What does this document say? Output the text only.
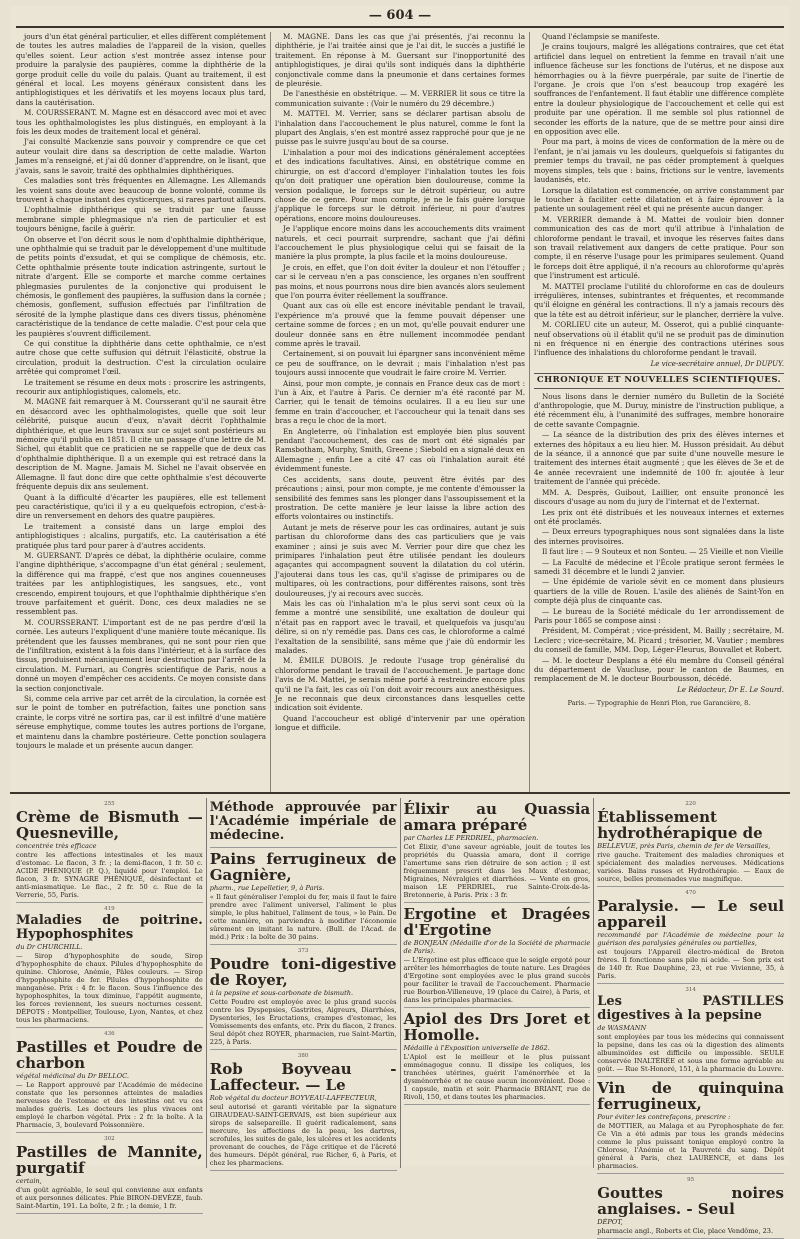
— 604 —

jours d'un état général particulier, et elles diffèrent complétement de toutes les autres maladies de l'appareil de la vision, quelles qu'elles soient. Leur action s'est montrée assez intense pour produire la paralysie des paupières, comme la diphthérie de la gorge produit celle du voile du palais. Quant au traitement, il est général et local. Les moyens généraux consistent dans les antiphlogistiques et les dérivatifs et les moyens locaux plus tard, dans la cautérisation.

M. COURSSERANT. M. Magne est en désaccord avec moi et avec tous les ophthalmologistes les plus distingués, en employant à la fois les deux modes de traitement local et général.

J'ai consulté Mackenzie sans pouvoir y comprendre ce que cet auteur voulait dire dans sa description de cette maladie. Warton James m'a renseigné, et j'ai dû donner d'apprendre, on le lisant, que j'avais, sans le savoir, traité des ophthalmies diphthériques.

Ces maladies sont très fréquentes en Allemagne. Les Allemands les voient sans doute avec beaucoup de bonne volonté, comme ils trouvent à chaque instant des cysticerques, si rares partout ailleurs.

L'ophthalmie diphthérique qui se traduit par une fausse membrane simple phlegmasique n'a rien de particulier et est toujours bénigne, facile à guérir.

On observe et l'on décrit sous le nom d'ophthalmie diphthérique, une ophthalmie qui se traduit par le développement d'une multitude de petits points d'exsudat, et qui se complique de chémosis, etc. Cette ophthalmie présente toute indication astringente, surtout le nitrate d'argent. Elle se comporte et marche comme certaines phlegmasies purulentes de la conjonctive qui produisent le chémosis, le gonflement des paupières, la suffusion dans la cornée ; chémosis, gonflement, suffusion effectués par l'infiltration de sérosité de la lymphe plastique dans ces divers tissus, phénomène caractéristique de la tendance de cette maladie. C'est pour cela que les paupières s'ouvrent difficilement.

Ce qui constitue la diphthérie dans cette ophthalmie, ce n'est autre chose que cette suffusion qui détruit l'élasticité, obstrue la circulation, produit la destruction. C'est la circulation oculaire arrêtée qui compromet l'œil.

Le traitement se résume en deux mots : proscrire les astringents, recourir aux antiphlogistiques, calomels, etc.

M. MAGNE fait remarquer à M. Coursserant qu'il ne saurait être en désaccord avec les ophthalmologistes, quelle que soit leur célébrité, puisque aucun d'eux, n'avait décrit l'ophthalmie diphthérique, et que leurs travaux sur ce sujet sont postérieurs au mémoire qu'il publia en 1851. Il cite un passage d'une lettre de M. Sichel, qui établit que ce praticien ne se rappelle que de deux cas d'ophthalmie diphthérique. Il a un exemple qui est retracé dans la description de M. Magne. Jamais M. Sichel ne l'avait observée en Allemagne. Il faut donc dire que cette ophthalmie s'est découverte fréquente depuis dix ans seulement.

Quant à la difficulté d'écarter les paupières, elle est tellement peu caractéristique, qu'ici il y a eu quelquefois ectropion, c'est-à-dire un renversement en dehors des quatre paupières.

Le traitement a consisté dans un large emploi des antiphlogistiques : alcalins, purgatifs, etc. La cautérisation a été pratiquée plus tard pour parer à d'autres accidents.

M. GUERSANT. D'après ce débat, la diphthérie oculaire, comme l'angine diphthérique, s'accompagne d'un état général ; seulement, la différence qui ma frappé, c'est que nos angines couenneuses traitées par les antiphlogistiques, les sangsues, etc., vont crescendo, empirent toujours, et que l'ophthalmie diphthérique s'en trouve parfaitement et guérit. Donc, ces deux maladies ne se ressemblent pas.

M. COURSSERANT. L'important est de ne pas perdre d'œil la cornée. Les auteurs l'expliquent d'une manière toute mécanique. Ils prétendent que les fausses membranes, qui ne sont pour rien que de l'infiltration, existent à la fois dans l'intérieur, et à la surface des tissus, produisent mécaniquement leur destruction par l'arrêt de la circulation. M. Furnari, au Congrès scientifique de Paris, nous a donné un moyen d'empêcher ces accidents. Ce moyen consiste dans la section conjonctivale.

Si, comme cela arrive par cet arrêt de la circulation, la cornée est sur le point de tomber en putréfaction, faites une ponction sans crainte, le corps vitré ne sortira pas, car il est infiltré d'une matière séreuse emphytique, comme toutes les autres portions de l'organe, et maintenu dans la chambre postérieure. Cette ponction soulagera toujours le malade et un présente aucun danger.

M. MAGNE. Dans les cas que j'ai présentés, j'ai reconnu la diphthérie, je l'ai traitée ainsi que je l'ai dit, le succès a justifié le traitement. En réponse à M. Guersant sur l'inopportunité des antiphlogistiques, je dirai qu'ils sont indiqués dans la diphthérie conjonctivale comme dans la pneumonie et dans certaines formes de pleurésie.

De l'anesthésie en obstétrique. — M. VERRIER lit sous ce titre la communication suivante : (Voir le numéro du 29 décembre.)

M. MATTEI. M. Verrier, sans se déclarer partisan absolu de l'inhalation dans l'accouchement le plus naturel, comme le font la plupart des Anglais, s'en est montré assez rapproché pour que je ne puisse pas le suivre jusqu'au bout de sa course.

L'inhalation a pour moi des indications généralement acceptées et des indications facultatives. Ainsi, en obstétrique comme en chirurgie, on est d'accord d'employer l'inhalation toutes les fois qu'on doit pratiquer une opération bien douloureuse, comme la version podalique, le forceps sur le détroit supérieur, ou autre chose de ce genre. Pour mon compte, je ne le fais guère lorsque j'applique le forceps sur le détroit inférieur, ni pour d'autres opérations, encore moins douloureuses.

Je l'applique encore moins dans les accouchements dits vraiment naturels, et ceci pourrait surprendre, sachant que j'ai défini l'accouchement le plus physiologique celui qui se faisait de la manière la plus prompte, la plus facile et la moins douloureuse.

Je crois, en effet, que l'on doit éviter la douleur et non l'étouffer ; car si le cerveau n'en a pas conscience, les organes n'en souffrent pas moins, et nous pourrons nous dire bien avancés alors seulement que l'on pourra éviter réellement la souffrance.

Quant aux cas où elle est encore inévitable pendant le travail, l'expérience m'a prouvé que la femme pouvait dépenser une certaine somme de forces ; en un mot, qu'elle pouvait endurer une douleur donnée sans en être nullement incommodée pendant comme après le travail.

Certainement, si on pouvait lui épargner sans inconvénient même ce peu de souffrance, on le devrait ; mais l'inhalation n'est pas toujours aussi innocente que voudrait le faire croire M. Verrier.

Ainsi, pour mon compte, je connais en France deux cas de mort : l'un à Aix, et l'autre à Paris. Ce dernier m'a été raconté par M. Carrier, qui le tenait de témoins oculaires. Il a eu lieu sur une femme en train d'accoucher, et l'accoucheur qui la tenait dans ses bras a reçu le choc de la mort.

En Angleterre, où l'inhalation est employée bien plus souvent pendant l'accouchement, des cas de mort ont été signalés par Ramsbotham, Murphy, Smith, Greene ; Siebold en a signalé deux en Allemagne ; enfin Lee a cité 47 cas où l'inhalation aurait été évidemment funeste.

Ces accidents, sans doute, peuvent être évités par des précautions ; ainsi, pour mon compte, je me contente d'émousser la sensibilité des femmes sans les plonger dans l'assoupissement et la prostration. De cette manière je leur laisse la libre action des efforts volontaires ou instinctifs.

Autant je mets de réserve pour les cas ordinaires, autant je suis partisan du chloroforme dans des cas particuliers que je vais examiner ; ainsi je suis avec M. Verrier pour dire que chez les primipares l'inhalation peut être utilisée pendant les douleurs agaçantes qui accompagnent souvent la dilatation du col utérin. J'ajouterai dans tous les cas, qu'il s'agisse de primipares ou de multipares, où les contractions, pour différentes raisons, sont très douloureuses, j'y ai recours avec succès.

Mais les cas où l'inhalation m'a le plus servi sont ceux où la femme a montré une sensibilité, une exaltation de douleur qui n'était pas en rapport avec le travail, et quelquefois va jusqu'au délire, si on n'y remédie pas. Dans ces cas, le chloroforme a calmé l'exaltation de la sensibilité, sans même que j'aie dû endormir les malades.

M. ÉMILE DUBOIS. Je redoute l'usage trop généralisé du chloroforme pendant le travail de l'accouchement. Je partage donc l'avis de M. Mattei, je serais même porté à restreindre encore plus qu'il ne l'a fait, les cas où l'on doit avoir recours aux anesthésiques. Je ne reconnais que deux circonstances dans lesquelles cette indication soit évidente.

Quand l'accoucheur est obligé d'intervenir par une opération longue et difficile.

Quand l'éclampsie se manifeste.

Je crains toujours, malgré les allégations contraires, que cet état artificiel dans lequel on entretient la femme en travail n'ait une influence fâcheuse sur les fonctions de l'utérus, et ne dispose aux hémorrhagies ou à la fièvre puerpérale, par suite de l'inertie de l'organe. Je crois que l'on s'est beaucoup trop exagéré les souffrances de l'enfantement. Il faut établir une différence complète entre la douleur physiologique de l'accouchement et celle qui est produite par une opération. Il me semble sol plus rationnel de seconder les efforts de la nature, que de se mettre pour ainsi dire en opposition avec elle.

Pour ma part, à moins de vices de conformation de la mère ou de l'enfant, je n'ai jamais vu les douleurs, quelquefois si fatigantes du premier temps du travail, ne pas céder promptement à quelques moyens simples, tels que : bains, frictions sur le ventre, lavements laudanisés, etc.

Lorsque la dilatation est commencée, on arrive constamment par le toucher à faciliter cette dilatation et à faire éprouver à la patiente un soulagement réel et qui ne présente aucun danger.

M. VERRIER demande à M. Mattei de vouloir bien donner communication des cas de mort qu'il attribue à l'inhalation de chloroforme pendant le travail, et invoque les réserves faites dans son travail relativement aux dangers de cette pratique. Pour son compte, il en réserve l'usage pour les primipares seulement. Quand le forceps doit être appliqué, il n'a recours au chloroforme qu'après que l'instrument est articulé.

M. MATTEI proclame l'utilité du chloroforme en cas de douleurs irrégulières, intenses, subintrantes et fréquentes, et recommande qu'il éloigne en général les contractions. Il n'y a jamais recours dès que la tête est au détroit inférieur, sur le plancher, derrière la vulve.

M. CORLIEU cite un auteur, M. Osserot, qui a publié cinquante-neuf observations où il établit qu'il ne se produit pas de diminution ni en fréquence ni en énergie des contractions utérines sous l'influence des inhalations du chloroforme pendant le travail.

Le vice-secrétaire annuel, Dr DUPUY.
CHRONIQUE ET NOUVELLES SCIENTIFIQUES.

Nous lisons dans le dernier numéro du Bulletin de la Société d'anthropologie, que M. Duruy, ministre de l'instruction publique, a été récemment élu, à l'unanimité des suffrages, membre honoraire de cette savante Compagnie.

— La séance de la distribution des prix des élèves internes et externes des hôpitaux a eu lieu hier. M. Husson présidait. Au début de la séance, il a annoncé que par suite d'une nouvelle mesure le traitement des internes était augmenté ; que les élèves de 3e et de 4e année recevraient une indemnité de 100 fr. ajoutée à leur traitement de l'année qui précède.

MM. A. Desprès, Guibout, Laillier, ont ensuite prononcé les discours d'usage au nom du jury de l'internat et de l'externat.

Les prix ont été distribués et les nouveaux internes et externes ont été proclamés.

— Deux erreurs typographiques nous sont signalées dans la liste des internes provisoires.

Il faut lire : — 9 Souteux et non Sonteu. — 25 Vieille et non Vieille

— La Faculté de médecine et l'École pratique seront fermées le samedi 31 décembre et le lundi 2 janvier.

— Une épidémie de variole sévit en ce moment dans plusieurs quartiers de la ville de Rouen. L'asile des aliénés de Saint-Yon en compte déjà plus de cinquante cas.

— Le bureau de la Société médicale du 1er arrondissement de Paris pour 1865 se compose ainsi :

Président, M. Compérat ; vice-président, M. Bailly ; secrétaire, M. Leclerc ; vice-secrétaire, M. Picard ; trésorier, M. Vautier ; membres du conseil de famille, MM. Dop, Léger-Fleurus, Bouvallet et Robert.

— M. le docteur Desplans a été élu membre du Conseil général du département de Vaucluse, pour le canton de Baumes, en remplacement de M. le docteur Bourbousson, décédé.

Le Rédacteur, Dr E. Le Sourd.
Paris. — Typographie de Henri Plon, rue Garancière, 8.
255
Crème de Bismuth — Quesneville,
concentrée très efficace
contre les affections intestinales et les maux d'estomac. Le flacon, 3 fr. ; la demi-flacon, 1 fr. 50 c. ACIDE PHÉNIQUE (P. Q.), liquidé pour l'emploi. Le flacon, 3 fr. SYNAGRE PHÉNIQUÉ, désinfectant et anti-miasmatique. Le flac., 2 fr. 50 c. Rue de la Verrerie, 55, Paris.
419
Maladies de poitrine. Hypophosphites
du Dr CHURCHILL.
— Sirop d'hypophosphite de soude, Sirop d'hypophosphite de chaux. Pilules d'hypophosphite de quinine. Chlorose, Anémie, Pâles couleurs. — Sirop d'hypophosphite de fer. Pilules d'hypophosphite de manganèse. Prix : 4 fr. le flacon. Sous l'influence des hypophosphites, la toux diminue, l'appétit augmente, les forces reviennent, les sueurs nocturnes cessent. DÉPOTS : Montpellier, Toulouse, Lyon, Nantes, et chez tous les pharmaciens.
436
Pastilles et Poudre de charbon
végétal médicinal du Dr BELLOC.
— Le Rapport approuvé par l'Académie de médecine constate que les personnes atteintes de maladies nerveuses de l'estomac et des intestins ont vu ces malades guéris. Les docteurs les plus vivaces ont employé le charbon végétal. Prix : 2 fr. la boîte. À la Pharmacie, 3, boulevard Poissonnière.
302
Pastilles de Mannite, purgatif
certain,
d'un goût agréable, le seul qui convienne aux enfants et aux personnes délicates. Phie BIRON-DEVÈZE, faub. Saint-Martin, 191. La boîte, 2 fr. ; la demie, 1 fr.
Méthode approuvée par l'Académie impériale de médecine.
Pains ferrugineux de Gagnière,
pharm., rue Lepelletier, 9, à Paris.
« Il faut généraliser l'emploi du fer, mais il faut le faire prendre avec l'aliment universel, l'aliment le plus simple, le plus habituel, l'aliment de tous, » le Pain. De cette manière, on parviendra à modifier l'économie sûrement en imitant la nature. (Bull. de l'Acad. de méd.) Prix : la boîte de 30 pains.
373
Poudre toni-digestive de Royer,
à la pepsine et sous-carbonate de bismuth.
Cette Poudre est employée avec le plus grand succès contre les Dyspepsies, Gastrites, Aigreurs, Diarrhées, Dysenteries, les Éructations, crampes d'estomac, les Vomissements des enfants, etc. Prix du flacon, 2 francs. Seul dépôt chez ROYER, pharmacien, rue Saint-Martin, 225, à Paris.
380
Rob Boyveau - Laffecteur. — Le
Rob végétal du docteur BOYVEAU-LAFFECTEUR,
seul autorisé et garanti véritable par la signature GIRAUDEAU-SAINT-GERVAIS, est bien supérieur aux sirops de salsepareille. Il guérit radicalement, sans mercure, les affections de la peau, les dartres, scrofules, les suites de gale, les ulcères et les accidents provenant de couches, de l'âge critique et de l'âcreté des humeurs. Dépôt général, rue Richer, 6, à Paris, et chez les pharmaciens.
Élixir au Quassia amara préparé
par Charles LE PERDRIEL, pharmacien.
Cet Élixir, d'une saveur agréable, jouit de toutes les propriétés du Quassia amara, dont il corrige l'amertume sans rien détruire de son action ; il est fréquemment prescrit dans les Maux d'estomac, Migraines, Névralgies et diarrhées. — Vente en gros, maison LE PERDRIEL, rue Sainte-Croix-de-la-Bretonnerie, à Paris. Prix : 3 fr.
Ergotine et Dragées d'Ergotine
de BONJEAN (Médaille d'or de la Société de pharmacie de Paris).
— L'Ergotine est plus efficace que le seigle ergoté pour arrêter les hémorrhagies de toute nature. Les Dragées d'Ergotine sont employées avec le plus grand succès pour faciliter le travail de l'accouchement. Pharmacie rue Bourbon-Villeneuve, 19 (place du Caire), à Paris, et dans les principales pharmacies.
Apiol des Drs Joret et Homolle.
Médaille à l'Exposition universelle de 1862.
L'Apiol est le meilleur et le plus puissant emménagogue connu. Il dissipe les coliques, les tranchées utérines, guérit l'aménorrhée et la dysménorrhée et ne cause aucun inconvénient. Dose : 1 capsule, matin et soir. Pharmacie BRIANT, rue de Rivoli, 150, et dans toutes les pharmacies.
220
Établissement hydrothérapique de
BELLEVUE, près Paris, chemin de fer de Versailles,
rive gauche. Traitement des maladies chroniques et spécialement des maladies nerveuses. Médications variées. Bains russes et Hydrothérapie. — Eaux de source, belles promenades vue magnifique.
470
Paralysie. — Le seul appareil
recommandé par l'Académie de médecine pour la guérison des paralysies générales ou partielles,
est toujours l'Appareil électro-médical de Breton frères. Il fonctionne sans pile ni acide. — Son prix est de 140 fr. Rue Dauphine, 23, et rue Vivienne, 35, à Paris.
314
Les PASTILLES digestives à la pepsine
de WASMANN
sont employées par tous les médecins qui connaissent la pepsine, dans les cas où la digestion des aliments albuminoïdes est difficile ou impossible. SEULE conservée INALTÉRÉE et sous une forme agréable au goût. — Rue St-Honoré, 151, à la pharmacie du Louvre.
Vin de quinquina ferrugineux,
Pour éviter les contrefaçons, prescrire :
de MOTTIER, au Malaga et au Pyrophosphate de fer. Ce Vin a été admis par tous les grands médecins comme le plus puissant tonique employé contre la Chlorose, l'Anémie et la Pauvreté du sang. Dépôt général à Paris, chez LAURENCE, et dans les pharmacies.
95
Gouttes noires anglaises. - Seul
DÉPOT,
pharmacie angl., Roberts et Cie, place Vendôme, 23.
